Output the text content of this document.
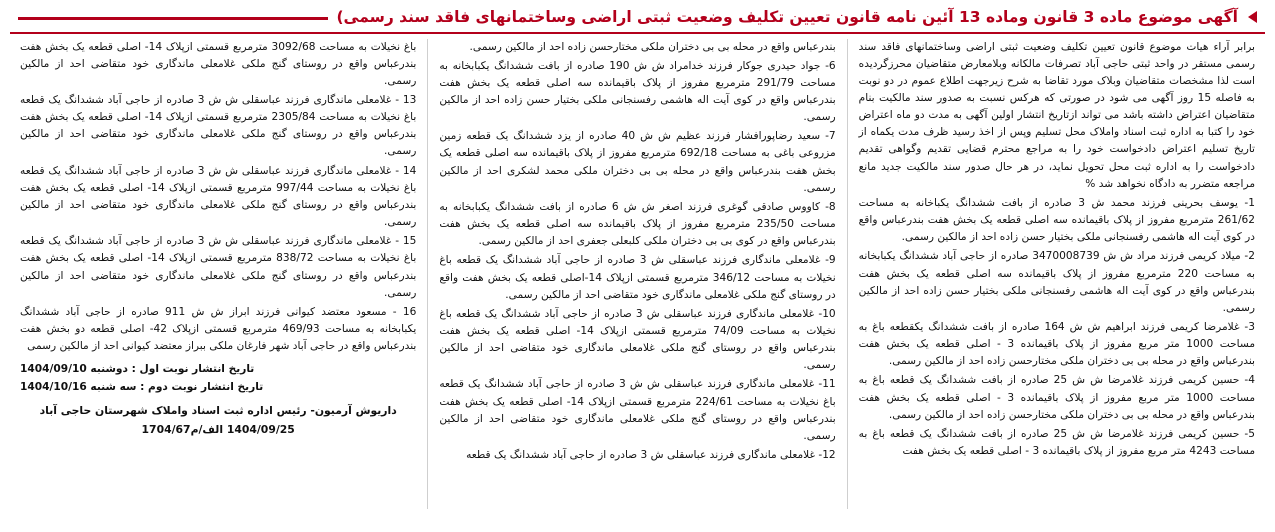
آگهی موضوع ماده 3 قانون وماده 13 آئین نامه قانون تعیین تکلیف وضعیت ثبتی اراضی وساختمانهای فاقد سند رسمی)

برابر آراء هیات موضوع قانون تعیین تکلیف وضعیت ثبتی اراضی وساختمانهای فاقد سند رسمی مستقر در واحد ثبتی حاجی آباد تصرفات مالکانه وبلامعارض متقاضیان محرزگردیده است لذا مشخصات متقاضیان وبلاک مورد تقاضا به شرح زیرجهت اطلاع عموم در دو نوبت به فاصله 15 روز آگهی می شود در صورتی که هرکس نسبت به صدور سند مالکیت بنام متقاضیان اعتراض داشته باشد می تواند ازتاریخ انتشار اولین آگهی به مدت دو ماه اعتراض خود را کتبا به اداره ثبت اسناد واملاک محل تسلیم وپس از اخذ رسید ظرف مدت یکماه از تاریخ تسلیم اعتراض دادخواست خود را به مراجع محترم قضایی تقدیم وگواهی تقدیم دادخواست را به اداره ثبت محل تحویل نماید، در هر حال صدور سند مالکیت جدید مانع مراجعه متضرر به دادگاه نخواهد شد %

1- یوسف بحرینی فرزند محمد ش 3 صادره از بافت ششدانگ یکباخانه به مساحت 261/62 مترمربع مفروز از پلاک باقیمانده سه اصلی قطعه یک بخش هفت بندرعباس واقع در کوی آیت اله هاشمی رفسنجانی ملکی بختیار حسن زاده احد از مالکین رسمی.

2- میلاد کریمی فرزند مراد ش ش 3470008739 صادره از حاجی آباد ششدانگ یکبابخانه به مساحت 220 مترمربع مفروز از پلاک باقیمانده سه اصلی قطعه یک بخش هفت بندرعباس واقع در کوی آیت اله هاشمی رفسنجانی ملکی بختیار حسن زاده احد از مالکین رسمی.

3- غلامرضا کریمی فرزند ابراهیم ش ش 164 صادره از بافت ششدانگ یکقطعه باغ به مساحت 1000 متر مربع مفروز از پلاک باقیمانده 3 - اصلی قطعه یک بخش هفت بندرعباس واقع در محله بی بی دختران ملکی مختارحسن زاده احد از مالکین رسمی.

4- حسین کریمی فرزند غلامرضا ش ش 25 صادره از بافت ششدانگ یک قطعه باغ به مساحت 1000 متر مربع مفروز از پلاک باقیمانده 3 - اصلی قطعه یک بخش هفت بندرعباس واقع در محله بی بی دختران ملکی مختارحسن زاده احد از مالکین رسمی.

5- حسین کریمی فرزند غلامرضا ش ش 25 صادره از بافت ششدانگ یک قطعه باغ به مساحت 4243 متر مربع مفروز از پلاک باقیمانده 3 - اصلی قطعه یک بخش هفت

بندرعباس واقع در محله بی بی دختران ملکی مختارحسن زاده احد از مالکین رسمی.

6- جواد حیدری جوکار فرزند خدامراد ش ش 190 صادره از بافت ششدانگ یکبابخانه به مساحت 291/79 مترمربع مفروز از پلاک باقیمانده سه اصلی قطعه یک بخش هفت بندرعباس واقع در کوی آیت اله هاشمی رفسنجانی ملکی بختیار حسن زاده احد از مالکین رسمی.

7- سعید رضاپورافشار فرزند عظیم ش ش 40 صادره از یزد ششدانگ یک قطعه زمین مزروعی باغی به مساحت 692/18 مترمربع مفروز از پلاک باقیمانده سه اصلی قطعه یک بخش هفت بندرعباس واقع در محله بی بی دختران ملکی محمد لشکری احد از مالکین رسمی.

8- کاووس صادقی گوغری فرزند اصغر ش ش 6 صادره از بافت ششدانگ یکبابخانه به مساحت 235/50 مترمربع مفروز از پلاک باقیمانده سه اصلی قطعه یک بخش هفت بندرعباس واقع در کوی بی بی دختران ملکی کلبعلی جعفری احد از مالکین رسمی.

9- غلامعلی ماندگاری فرزند عباسقلی ش 3 صادره از حاجی آباد ششدانگ یک قطعه باغ نخیلات به مساحت 346/12 مترمربع قسمتی ازپلاک 14-اصلی قطعه یک بخش هفت واقع در روستای گنج ملکی غلامعلی ماندگاری خود متقاضی احد از مالکین رسمی.

10- غلامعلی ماندگاری فرزند عباسقلی ش 3 صادره از حاجی آباد ششدانگ یک قطعه باغ نخیلات به مساحت 74/09 مترمربع قسمتی ازپلاک 14- اصلی قطعه یک بخش هفت بندرعباس واقع در روستای گنج ملکی غلامعلی ماندگاری خود متقاضی احد از مالکین رسمی.

11- غلامعلی ماندگاری فرزند عباسقلی ش ش 3 صادره از حاجی آباد ششدانگ یک قطعه باغ نخیلات به مساحت 224/61 مترمربع قسمتی ازپلاک 14- اصلی قطعه یک بخش هفت بندرعباس واقع در روستای گنج ملکی غلامعلی ماندگاری خود متقاضی احد از مالکین رسمی.

12- غلامعلی ماندگاری فرزند عباسقلی ش 3 صادره از حاجی آباد ششدانگ یک قطعه

باغ نخیلات به مساحت 3092/68 مترمربع قسمتی ازپلاک 14- اصلی قطعه یک بخش هفت بندرعباس واقع در روستای گنج ملکی غلامعلی ماندگاری خود متقاضی احد از مالکین رسمی.

13 - غلامعلی ماندگاری فرزند عباسقلی ش ش 3 صادره از حاجی آباد ششدانگ یک قطعه باغ نخیلات به مساحت 2305/84 مترمربع قسمتی ازپلاک 14- اصلی قطعه یک بخش هفت بندرعباس واقع در روستای گنج ملکی غلامعلی ماندگاری خود متقاضی احد از مالکین رسمی.

14 - غلامعلی ماندگاری فرزند عباسقلی ش ش 3 صادره از حاجی آباد ششدانگ یک قطعه باغ نخیلات به مساحت 997/44 مترمربع قسمتی ازپلاک 14- اصلی قطعه یک بخش هفت بندرعباس واقع در روستای گنج ملکی غلامعلی ماندگاری خود متقاضی احد از مالکین رسمی.

15 - غلامعلی ماندگاری فرزند عباسقلی ش ش 3 صادره از حاجی آباد ششدانگ یک قطعه باغ نخیلات به مساحت 838/72 مترمربع قسمتی ازپلاک 14- اصلی قطعه یک بخش هفت بندرعباس واقع در روستای گنج ملکی غلامعلی ماندگاری خود متقاضی احد از مالکین رسمی.

16 - مسعود معتضد کیوانی فرزند ابراز ش ش 911 صادره از حاجی آباد ششدانگ یکبابخانه به مساحت 469/93 مترمربع قسمتی ازپلاک 42- اصلی قطعه دو بخش هفت بندرعباس واقع در حاجی آباد شهر فارغان ملکی ببراز معتضد کیوانی احد از مالکین رسمی

تاریخ انتشار نوبت اول : دوشنبه 1404/09/10
تاریخ انتشار نوبت دوم : سه شنبه 1404/10/16
داریوش آرمیون- رئیس اداره ثبت اسناد واملاک شهرستان حاجی آباد
1404/09/25 الف/م1704/67
